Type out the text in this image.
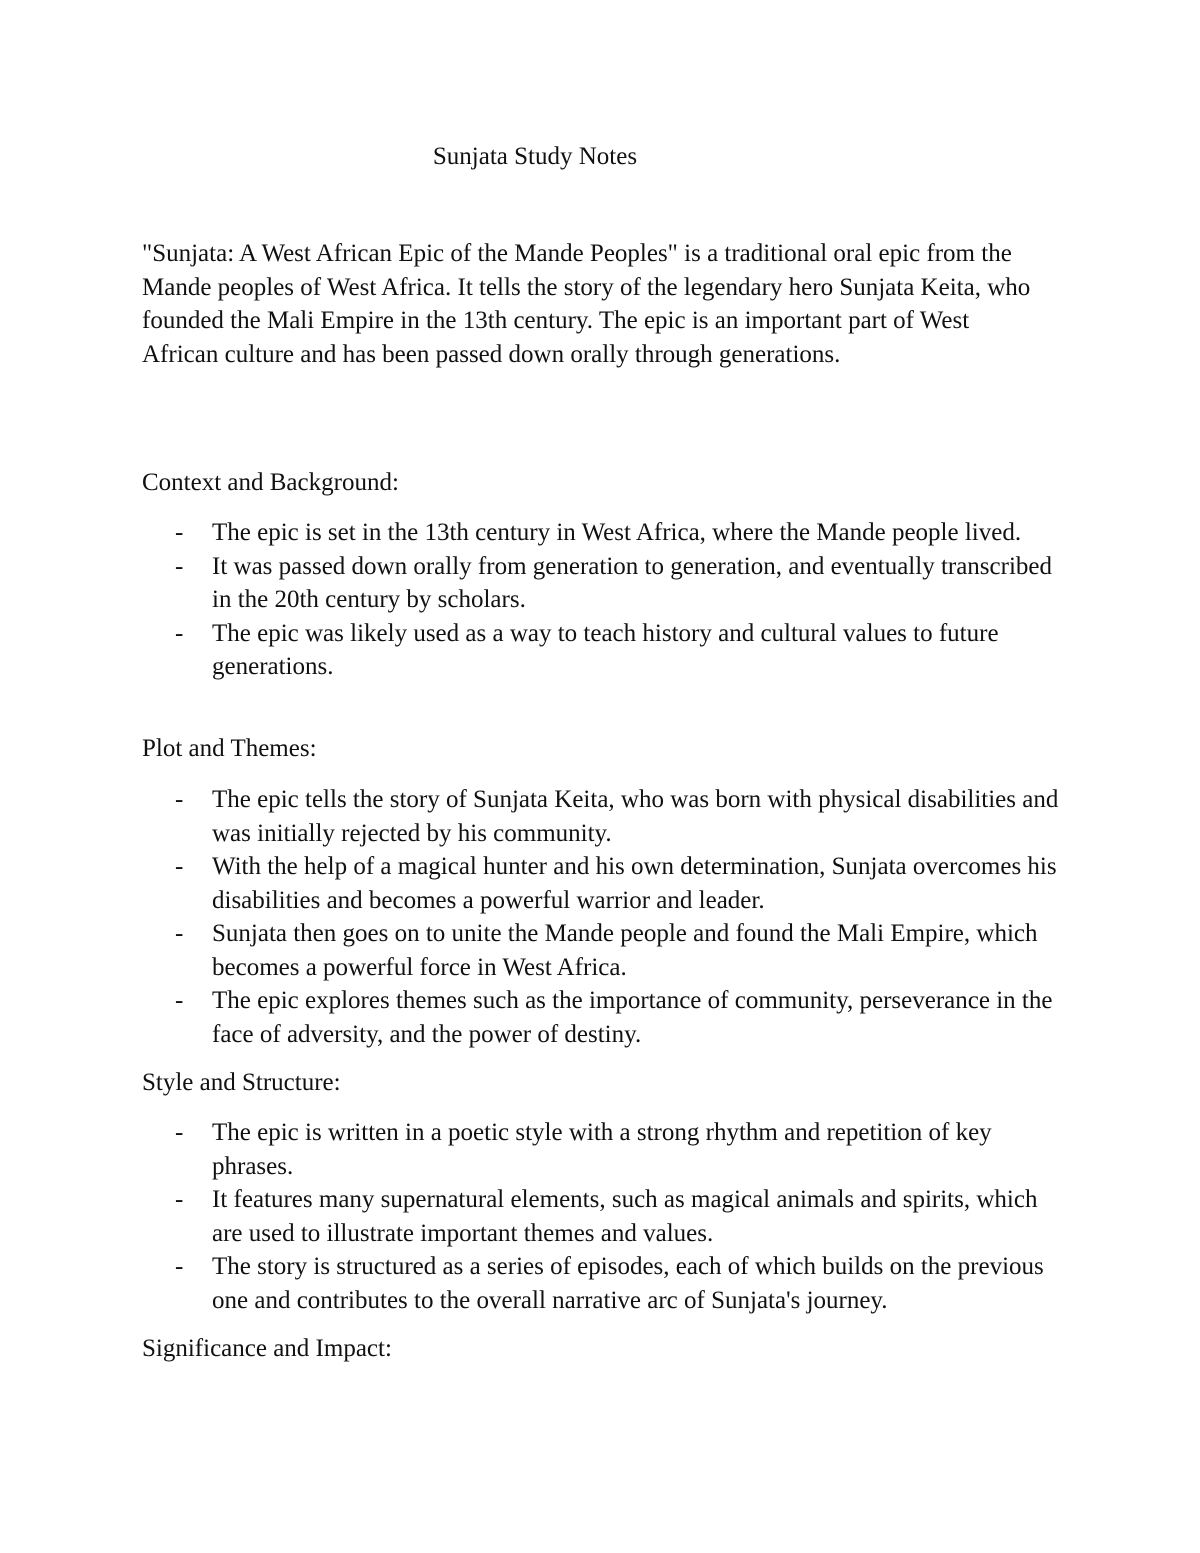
Sunjata Study Notes

"Sunjata: A West African Epic of the Mande Peoples" is a traditional oral epic from the Mande peoples of West Africa. It tells the story of the legendary hero Sunjata Keita, who founded the Mali Empire in the 13th century. The epic is an important part of West African culture and has been passed down orally through generations.

Context and Background:

- The epic is set in the 13th century in West Africa, where the Mande people lived.
- It was passed down orally from generation to generation, and eventually transcribed in the 20th century by scholars.
- The epic was likely used as a way to teach history and cultural values to future generations.

Plot and Themes:

- The epic tells the story of Sunjata Keita, who was born with physical disabilities and was initially rejected by his community.
- With the help of a magical hunter and his own determination, Sunjata overcomes his disabilities and becomes a powerful warrior and leader.
- Sunjata then goes on to unite the Mande people and found the Mali Empire, which becomes a powerful force in West Africa.
- The epic explores themes such as the importance of community, perseverance in the face of adversity, and the power of destiny.

Style and Structure:

- The epic is written in a poetic style with a strong rhythm and repetition of key phrases.
- It features many supernatural elements, such as magical animals and spirits, which are used to illustrate important themes and values.
- The story is structured as a series of episodes, each of which builds on the previous one and contributes to the overall narrative arc of Sunjata's journey.

Significance and Impact:
